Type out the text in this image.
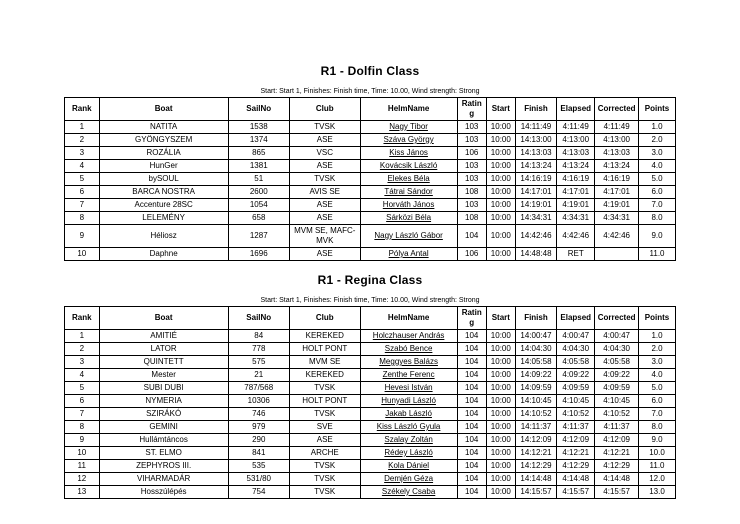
R1 - Dolfin Class

Start: Start 1, Finishes: Finish time, Time: 10.00, Wind strength: Strong

Rank	Boat	SailNo	Club	HelmName	Rating	Start	Finish	Elapsed	Corrected	Points
1	NATITA	1538	TVSK	Nagy Tibor	103	10:00	14:11:49	4:11:49	4:11:49	1.0
2	GYÖNGYSZEM	1374	ASE	Száva György	103	10:00	14:13:00	4:13:00	4:13:00	2.0
3	ROZÁLIA	865	VSC	Kiss János	106	10:00	14:13:03	4:13:03	4:13:03	3.0
4	HunGer	1381	ASE	Kovácsik László	103	10:00	14:13:24	4:13:24	4:13:24	4.0
5	bySOUL	51	TVSK	Elekes Béla	103	10:00	14:16:19	4:16:19	4:16:19	5.0
6	BARCA NOSTRA	2600	AVIS SE	Tátrai Sándor	108	10:00	14:17:01	4:17:01	4:17:01	6.0
7	Accenture 28SC	1054	ASE	Horváth János	103	10:00	14:19:01	4:19:01	4:19:01	7.0
8	LELEMÉNY	658	ASE	Sárközi Béla	108	10:00	14:34:31	4:34:31	4:34:31	8.0
9	Héliosz	1287	MVM SE, MAFC-MVK	Nagy László Gábor	104	10:00	14:42:46	4:42:46	4:42:46	9.0
10	Daphne	1696	ASE	Pólya Antal	106	10:00	14:48:48	RET		11.0
R1 - Regina Class

Start: Start 1, Finishes: Finish time, Time: 10.00, Wind strength: Strong

Rank	Boat	SailNo	Club	HelmName	Rating	Start	Finish	Elapsed	Corrected	Points
1	AMITIÉ	84	KEREKED	Holczhauser András	104	10:00	14:00:47	4:00:47	4:00:47	1.0
2	LATOR	778	HOLT PONT	Szabó Bence	104	10:00	14:04:30	4:04:30	4:04:30	2.0
3	QUINTETT	575	MVM SE	Meggyes Balázs	104	10:00	14:05:58	4:05:58	4:05:58	3.0
4	Mester	21	KEREKED	Zenthe Ferenc	104	10:00	14:09:22	4:09:22	4:09:22	4.0
5	SUBI DUBI	787/568	TVSK	Hevesi István	104	10:00	14:09:59	4:09:59	4:09:59	5.0
6	NYMERIA	10306	HOLT PONT	Hunyadi László	104	10:00	14:10:45	4:10:45	4:10:45	6.0
7	SZIRÁKÓ	746	TVSK	Jakab László	104	10:00	14:10:52	4:10:52	4:10:52	7.0
8	GEMINI	979	SVE	Kiss László Gyula	104	10:00	14:11:37	4:11:37	4:11:37	8.0
9	Hullámtáncos	290	ASE	Szalay Zoltán	104	10:00	14:12:09	4:12:09	4:12:09	9.0
10	ST. ELMO	841	ARCHE	Rédey László	104	10:00	14:12:21	4:12:21	4:12:21	10.0
11	ZEPHYROS III.	535	TVSK	Kola Dániel	104	10:00	14:12:29	4:12:29	4:12:29	11.0
12	VIHARMADÁR	531/80	TVSK	Demjén Géza	104	10:00	14:14:48	4:14:48	4:14:48	12.0
13	Hosszúlépés	754	TVSK	Székely Csaba	104	10:00	14:15:57	4:15:57	4:15:57	13.0
